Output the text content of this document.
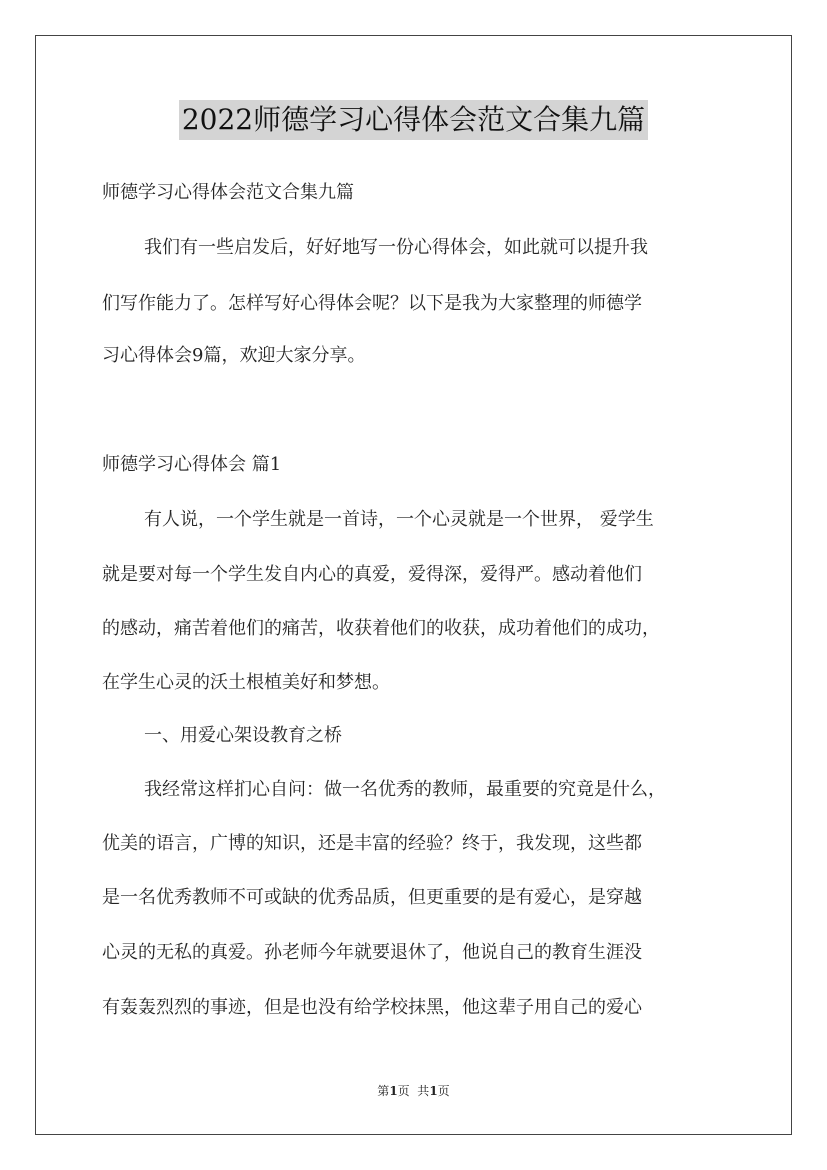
2022师德学习心得体会范文合集九篇

师德学习心得体会范文合集九篇

我们有一些启发后，好好地写一份心得体会，如此就可以提升我

们写作能力了。怎样写好心得体会呢？以下是我为大家整理的师德学

习心得体会9篇，欢迎大家分享。

师德学习心得体会 篇1

有人说，一个学生就是一首诗，一个心灵就是一个世界， 爱学生

就是要对每一个学生发自内心的真爱，爱得深，爱得严。感动着他们

的感动，痛苦着他们的痛苦，收获着他们的收获，成功着他们的成功，

在学生心灵的沃土根植美好和梦想。

一、用爱心架设教育之桥

我经常这样扪心自问：做一名优秀的教师，最重要的究竟是什么，

优美的语言，广博的知识，还是丰富的经验？终于，我发现，这些都

是一名优秀教师不可或缺的优秀品质，但更重要的是有爱心，是穿越

心灵的无私的真爱。孙老师今年就要退休了，他说自己的教育生涯没

有轰轰烈烈的事迹，但是也没有给学校抹黑，他这辈子用自己的爱心

第1页  共1页
